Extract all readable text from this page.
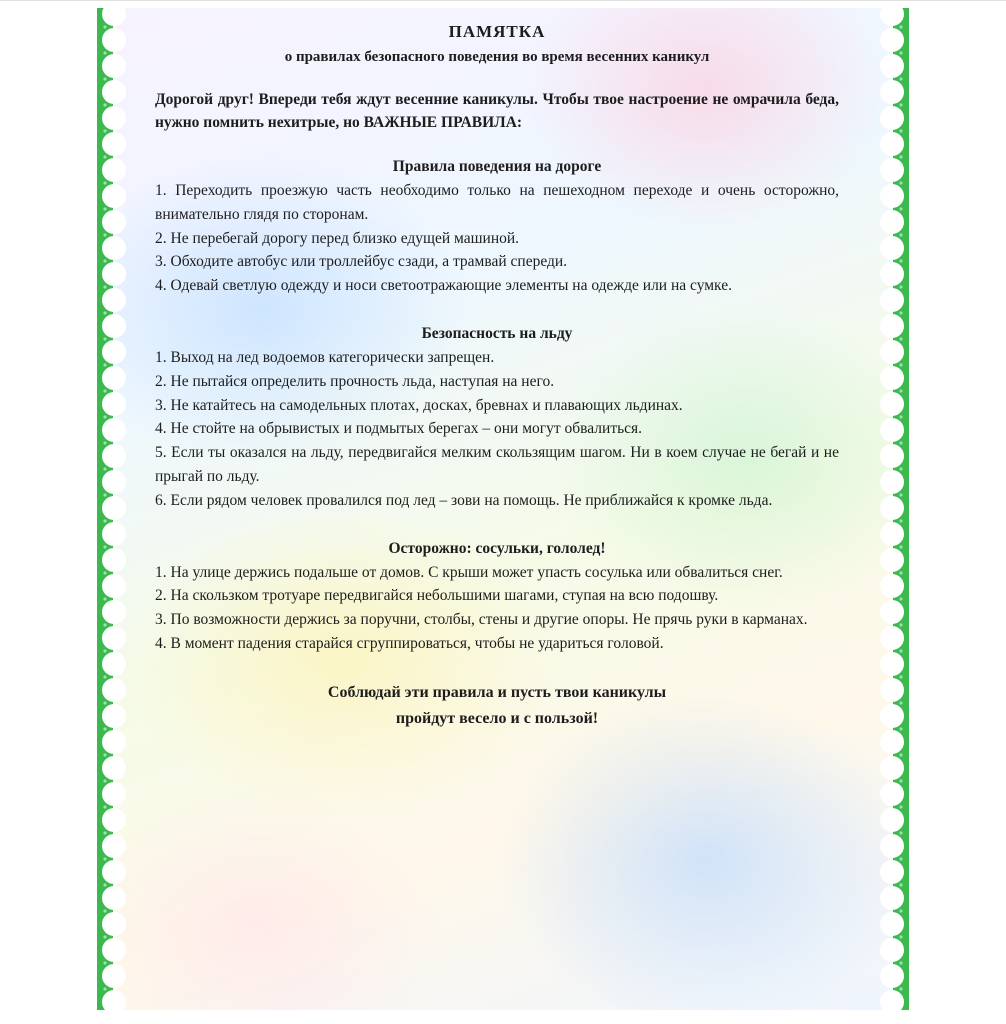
ПАМЯТКА

о правилах безопасного поведения во время весенних каникул

Дорогой друг! Впереди тебя ждут весенние каникулы. Чтобы твое настроение не омрачила беда, нужно помнить нехитрые, но ВАЖНЫЕ ПРАВИЛА:

Правила поведения на дороге

1. Переходить проезжую часть необходимо только на пешеходном переходе и очень осторожно, внимательно глядя по сторонам.

2. Не перебегай дорогу перед близко едущей машиной.

3. Обходите автобус или троллейбус сзади, а трамвай спереди.

4. Одевай светлую одежду и носи светоотражающие элементы на одежде или на сумке.

Безопасность на льду

1. Выход на лед водоемов категорически запрещен.

2. Не пытайся определить прочность льда, наступая на него.

3. Не катайтесь на самодельных плотах, досках, бревнах и плавающих льдинах.

4. Не стойте на обрывистых и подмытых берегах – они могут обвалиться.

5. Если ты оказался на льду, передвигайся мелким скользящим шагом. Ни в коем случае не бегай и не прыгай по льду.

6. Если рядом человек провалился под лед – зови на помощь. Не приближайся к кромке льда.

Осторожно: сосульки, гололед!

1. На улице держись подальше от домов. С крыши может упасть сосулька или обвалиться снег.

2. На скользком тротуаре передвигайся небольшими шагами, ступая на всю подошву.

3. По возможности держись за поручни, столбы, стены и другие опоры. Не прячь руки в карманах.

4. В момент падения старайся сгруппироваться, чтобы не удариться головой.

Соблюдай эти правила и пусть твои каникулы
пройдут весело и с пользой!
